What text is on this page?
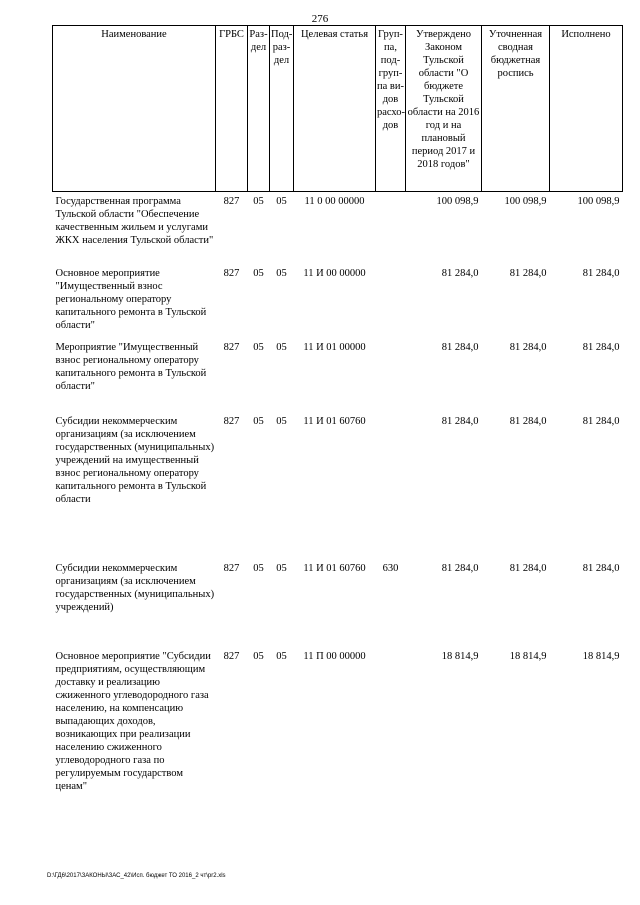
276
Наименование	ГРБС	Раз-дел	Под-раз-дел	Целевая статья	Груп-па, под-груп-па ви-дов расхо-дов	Утверждено Законом Тульской области "О бюджете Тульской области на 2016 год и на плановый период 2017 и 2018 годов"	Уточненная сводная бюджетная роспись	Исполнено
Государственная программа Тульской области "Обеспечение качественным жильем и услугами ЖКХ населения Тульской области"	827	05	05	11 0 00 00000		100 098,9	100 098,9	100 098,9
Основное мероприятие "Имущественный взнос региональному оператору капитального ремонта в Тульской области"	827	05	05	11 И 00 00000		81 284,0	81 284,0	81 284,0
Мероприятие "Имущественный взнос региональному оператору капитального ремонта в Тульской области"	827	05	05	11 И 01 00000		81 284,0	81 284,0	81 284,0
Субсидии некоммерческим организациям (за исключением государственных (муниципальных) учреждений на имущественный взнос региональному оператору капитального ремонта в Тульской области	827	05	05	11 И 01 60760		81 284,0	81 284,0	81 284,0
Субсидии некоммерческим организациям (за исключением государственных (муниципальных) учреждений)	827	05	05	11 И 01 60760	630	81 284,0	81 284,0	81 284,0
Основное мероприятие "Субсидии предприятиям, осуществляющим доставку и реализацию сжиженного углеводородного газа населению, на компенсацию выпадающих доходов, возникающих при реализации населению сжиженного углеводородного газа по регулируемым государством ценам"	827	05	05	11 П 00 00000		18 814,9	18 814,9	18 814,9
D:\ГД6\2017\ЗАКОНЫ\ЗАС_42\Исп. бюджет ТО 2016_2 чт\pr2.xls
